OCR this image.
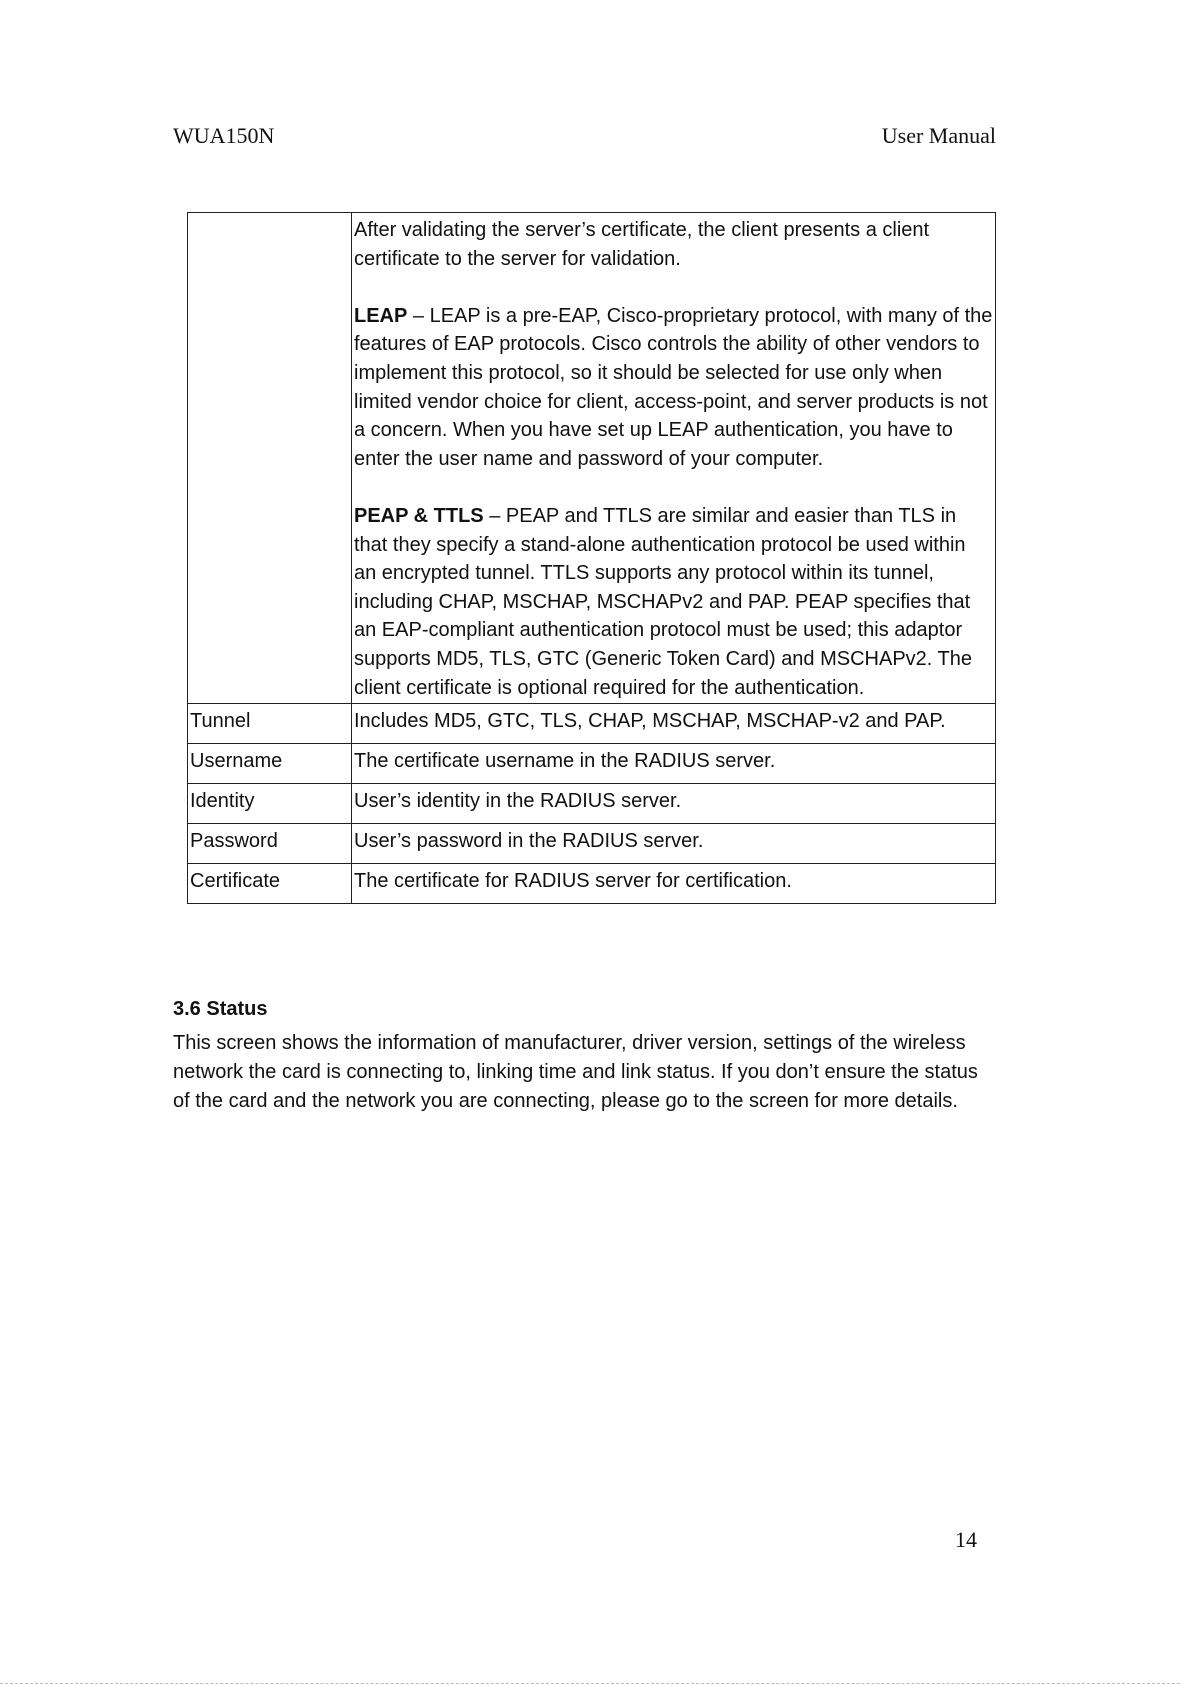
WUA150N	User Manual

	After validating the server’s certificate, the client presents a client certificate to the server for validation.

LEAP – LEAP is a pre-EAP, Cisco-proprietary protocol, with many of the features of EAP protocols. Cisco controls the ability of other vendors to implement this protocol, so it should be selected for use only when limited vendor choice for client, access-point, and server products is not a concern. When you have set up LEAP authentication, you have to enter the user name and password of your computer.

PEAP & TTLS – PEAP and TTLS are similar and easier than TLS in that they specify a stand-alone authentication protocol be used within an encrypted tunnel. TTLS supports any protocol within its tunnel, including CHAP, MSCHAP, MSCHAPv2 and PAP. PEAP specifies that an EAP-compliant authentication protocol must be used; this adaptor supports MD5, TLS, GTC (Generic Token Card) and MSCHAPv2. The client certificate is optional required for the authentication.

Tunnel	Includes MD5, GTC, TLS, CHAP, MSCHAP, MSCHAP-v2 and PAP.
Username	The certificate username in the RADIUS server.
Identity	User’s identity in the RADIUS server.
Password	User’s password in the RADIUS server.
Certificate	The certificate for RADIUS server for certification.
3.6 Status

This screen shows the information of manufacturer, driver version, settings of the wireless network the card is connecting to, linking time and link status. If you don’t ensure the status of the card and the network you are connecting, please go to the screen for more details.

14
